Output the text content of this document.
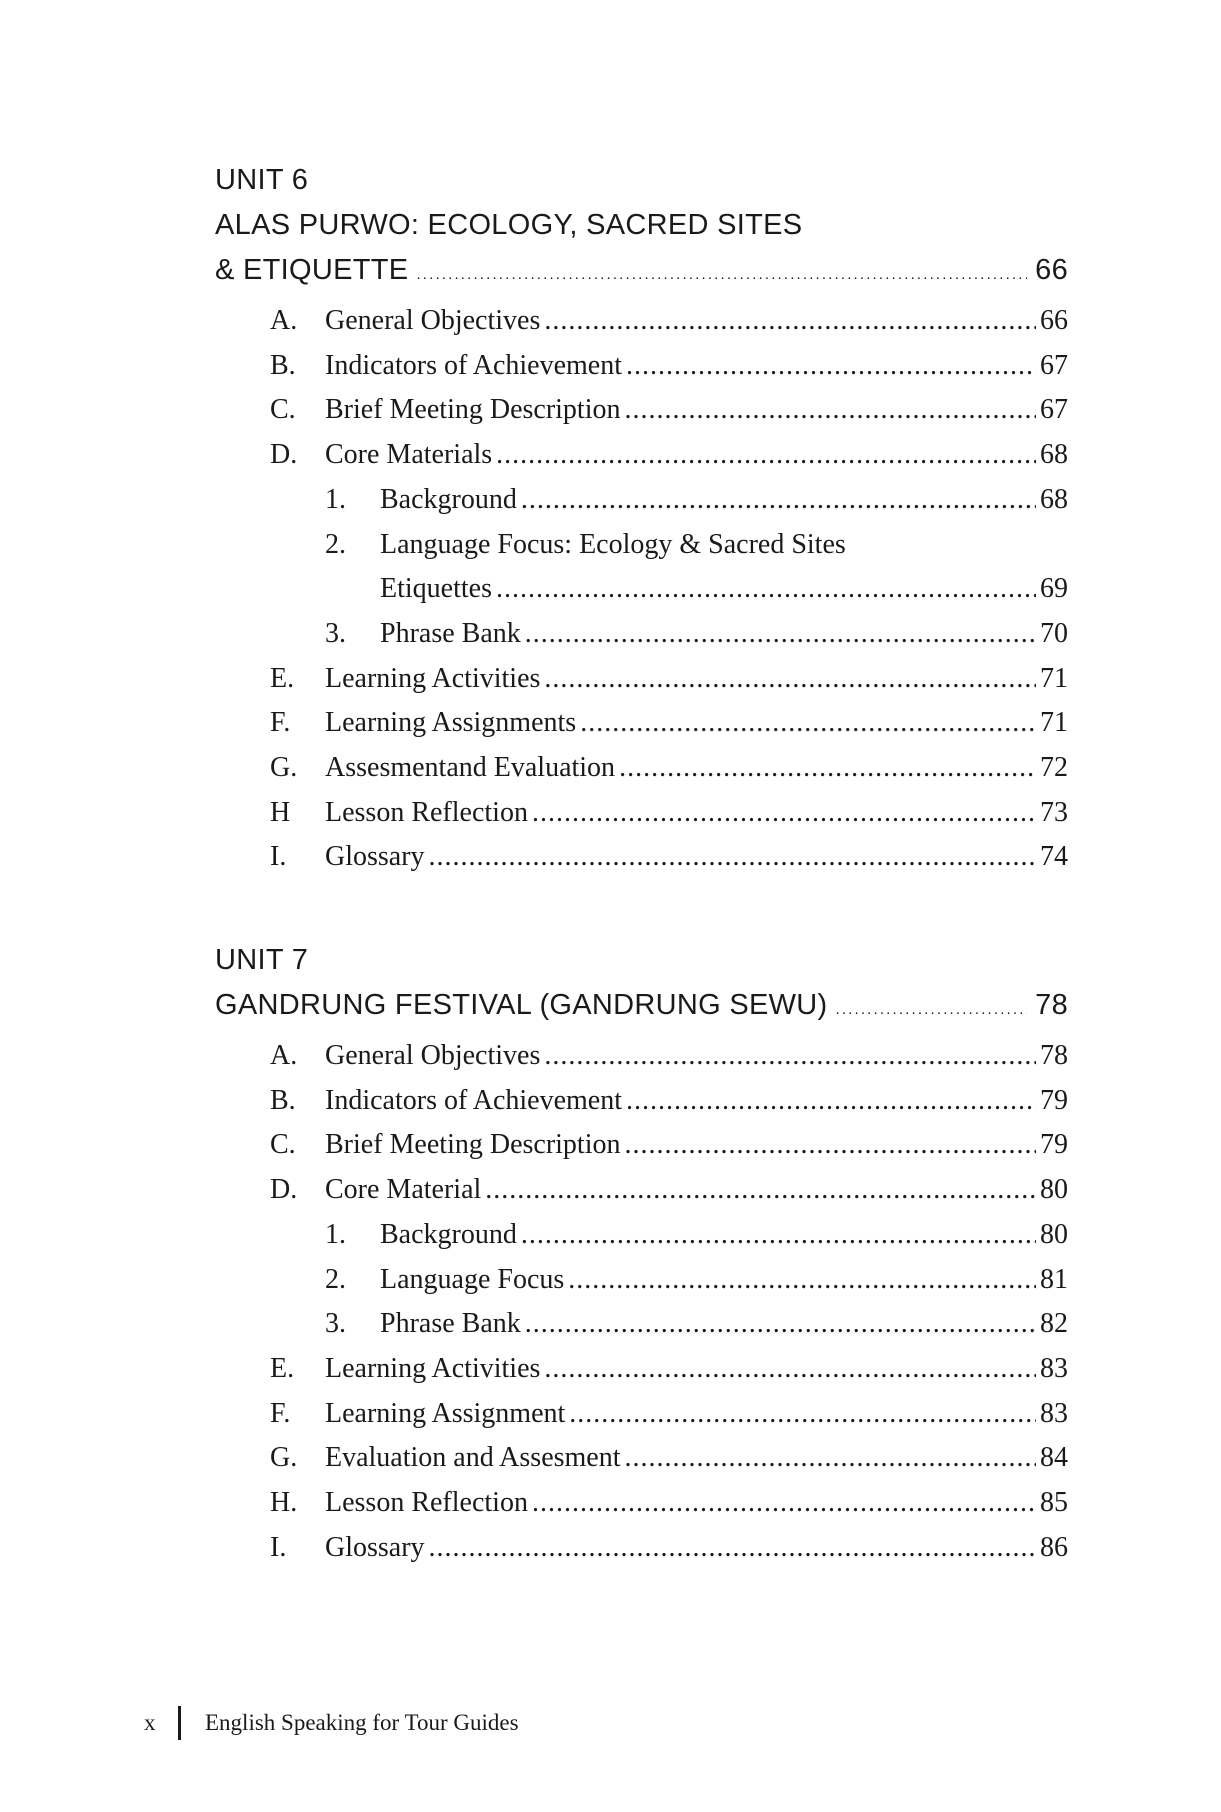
UNIT 6
ALAS PURWO: ECOLOGY, SACRED SITES
& ETIQUETTE . . .	66
A. General Objectives . . .	66
B.	Indicators of Achievement . . .	67
C.	Brief Meeting Description . . .	67
D. Core Materials . . .	68
1.	Background . . .	68
2.	Language Focus: Ecology & Sacred Sites
Etiquettes . . .	69
3.	Phrase Bank . . .	70
E.	Learning Activities . . .	71
F.	Learning Assignments . . .	71
G. Assesmentand Evaluation . . .	72
H	Lesson Reflection . . .	73
I.	Glossary . . .	74
UNIT 7
GANDRUNG FESTIVAL (GANDRUNG SEWU) . . .	78
A. General Objectives . . .	78
B.	Indicators of Achievement . . .	79
C.	Brief Meeting Description . . .	79
D. Core Material . . .	80
1.	Background . . .	80
2.	Language Focus . . .	81
3.	Phrase Bank . . .	82
E.	Learning Activities . . .	83
F.	Learning Assignment . . .	83
G. Evaluation and Assesment . . .	84
H. Lesson Reflection . . .	85
I.	Glossary . . .	86
x	English Speaking for Tour Guides
